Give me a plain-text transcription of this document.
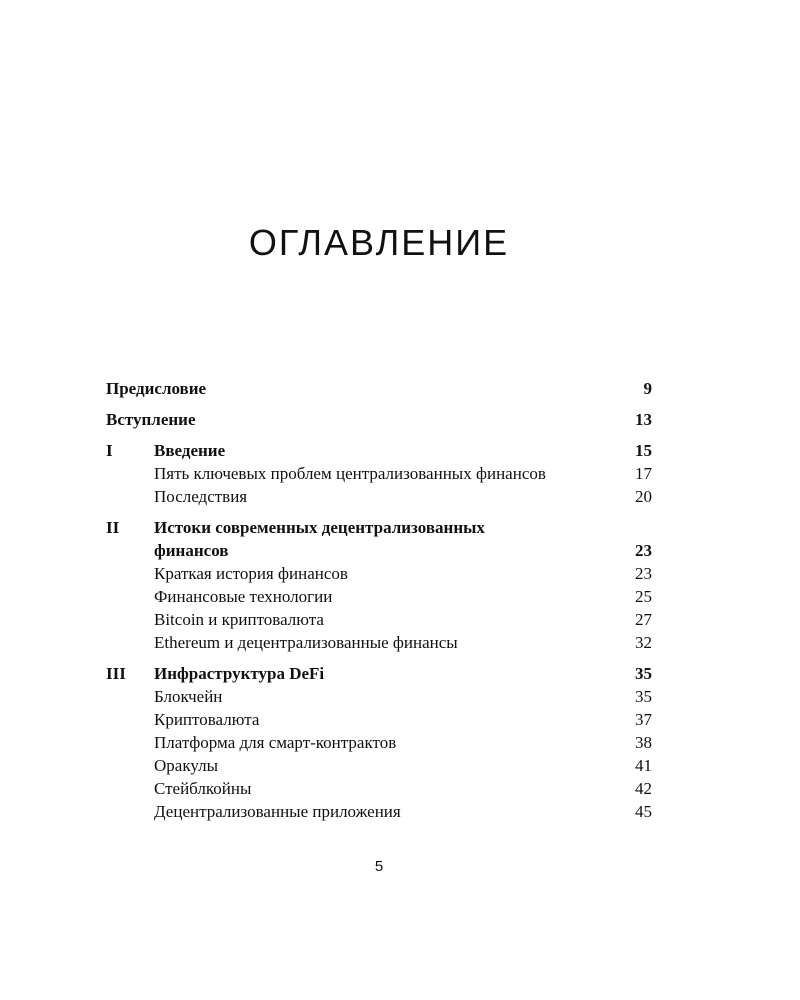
ОГЛАВЛЕНИЕ
Предисловие	9
Вступление	13
I Введение	15
Пять ключевых проблем централизованных финансов	17
Последствия	20
II Истоки современных децентрализованных
финансов	23
Краткая история финансов	23
Финансовые технологии	25
Bitcoin и криптовалюта	27
Ethereum и децентрализованные финансы	32
III Инфраструктура DeFi	35
Блокчейн	35
Криптовалюта	37
Платформа для смарт-контрактов	38
Оракулы	41
Стейблкойны	42
Децентрализованные приложения	45
5
